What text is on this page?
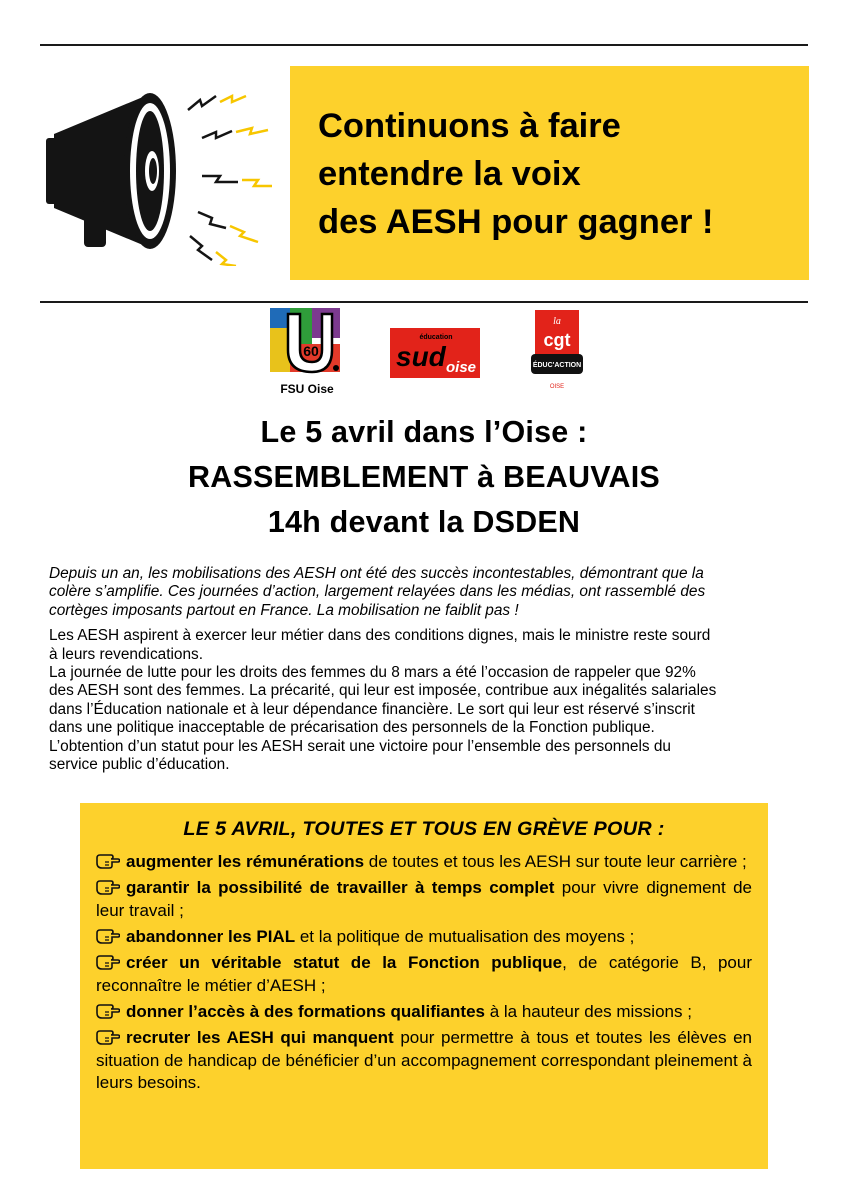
Continuons à faire
entendre la voix
des AESH pour gagner !
60
FSU Oise
éducation
sud oise
la
cgt
ÉDUC'ACTION
OISE
Le 5 avril dans l’Oise :
RASSEMBLEMENT à BEAUVAIS
14h devant la DSDEN

Depuis un an, les mobilisations des AESH ont été des succès incontestables, démontrant que la
colère s’amplifie. Ces journées d’action, largement relayées dans les médias, ont rassemblé des
cortèges imposants partout en France. La mobilisation ne faiblit pas !

Les AESH aspirent à exercer leur métier dans des conditions dignes, mais le ministre reste sourd
à leurs revendications.
La journée de lutte pour les droits des femmes du 8 mars a été l’occasion de rappeler que 92%
des AESH sont des femmes. La précarité, qui leur est imposée, contribue aux inégalités salariales
dans l’Éducation nationale et à leur dépendance financière. Le sort qui leur est réservé s’inscrit
dans une politique inacceptable de précarisation des personnels de la Fonction publique.
L’obtention d’un statut pour les AESH serait une victoire pour l’ensemble des personnels du
service public d’éducation.

LE 5 AVRIL, TOUTES ET TOUS EN GRÈVE POUR :

augmenter les rémunérations de toutes et tous les AESH sur toute leur carrière ;

garantir la possibilité de travailler à temps complet pour vivre dignement de leur travail ;

abandonner les PIAL et la politique de mutualisation des moyens ;

créer un véritable statut de la Fonction publique, de catégorie B, pour reconnaître le métier d’AESH ;

donner l’accès à des formations qualifiantes à la hauteur des missions ;

recruter les AESH qui manquent pour permettre à tous et toutes les élèves en situation de handicap de bénéficier d’un accompagnement correspondant pleinement à leurs besoins.
